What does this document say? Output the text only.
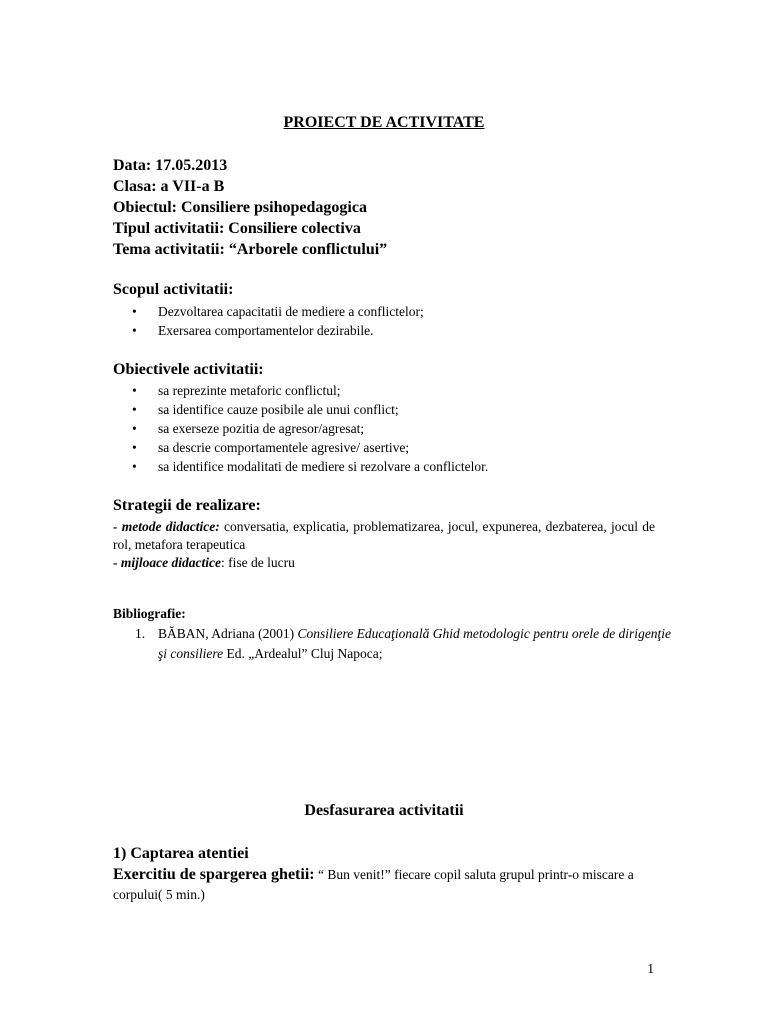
PROIECT DE ACTIVITATE
Data: 17.05.2013
Clasa: a VII-a B
Obiectul: Consiliere psihopedagogica
Tipul activitatii: Consiliere colectiva
Tema activitatii: “Arborele conflictului”
Scopul activitatii:
• Dezvoltarea capacitatii de mediere a conflictelor;
• Exersarea comportamentelor dezirabile.
Obiectivele activitatii:
• sa reprezinte metaforic conflictul;
• sa identifice cauze posibile ale unui conflict;
• sa exerseze pozitia de agresor/agresat;
• sa descrie comportamentele agresive/ asertive;
• sa identifice modalitati de mediere si rezolvare a conflictelor.
Strategii de realizare:
- metode didactice: conversatia, explicatia, problematizarea, jocul, expunerea, dezbaterea, jocul de rol, metafora terapeutica
- mijloace didactice: fise de lucru
Bibliografie:
1. BĂBAN, Adriana (2001) Consiliere Educaţională Ghid metodologic pentru orele de dirigenţie şi consiliere Ed. „Ardealul” Cluj Napoca;
Desfasurarea activitatii
1) Captarea atentiei
Exercitiu de spargerea ghetii: “ Bun venit!” fiecare copil saluta grupul printr-o miscare a corpului( 5 min.)
1
